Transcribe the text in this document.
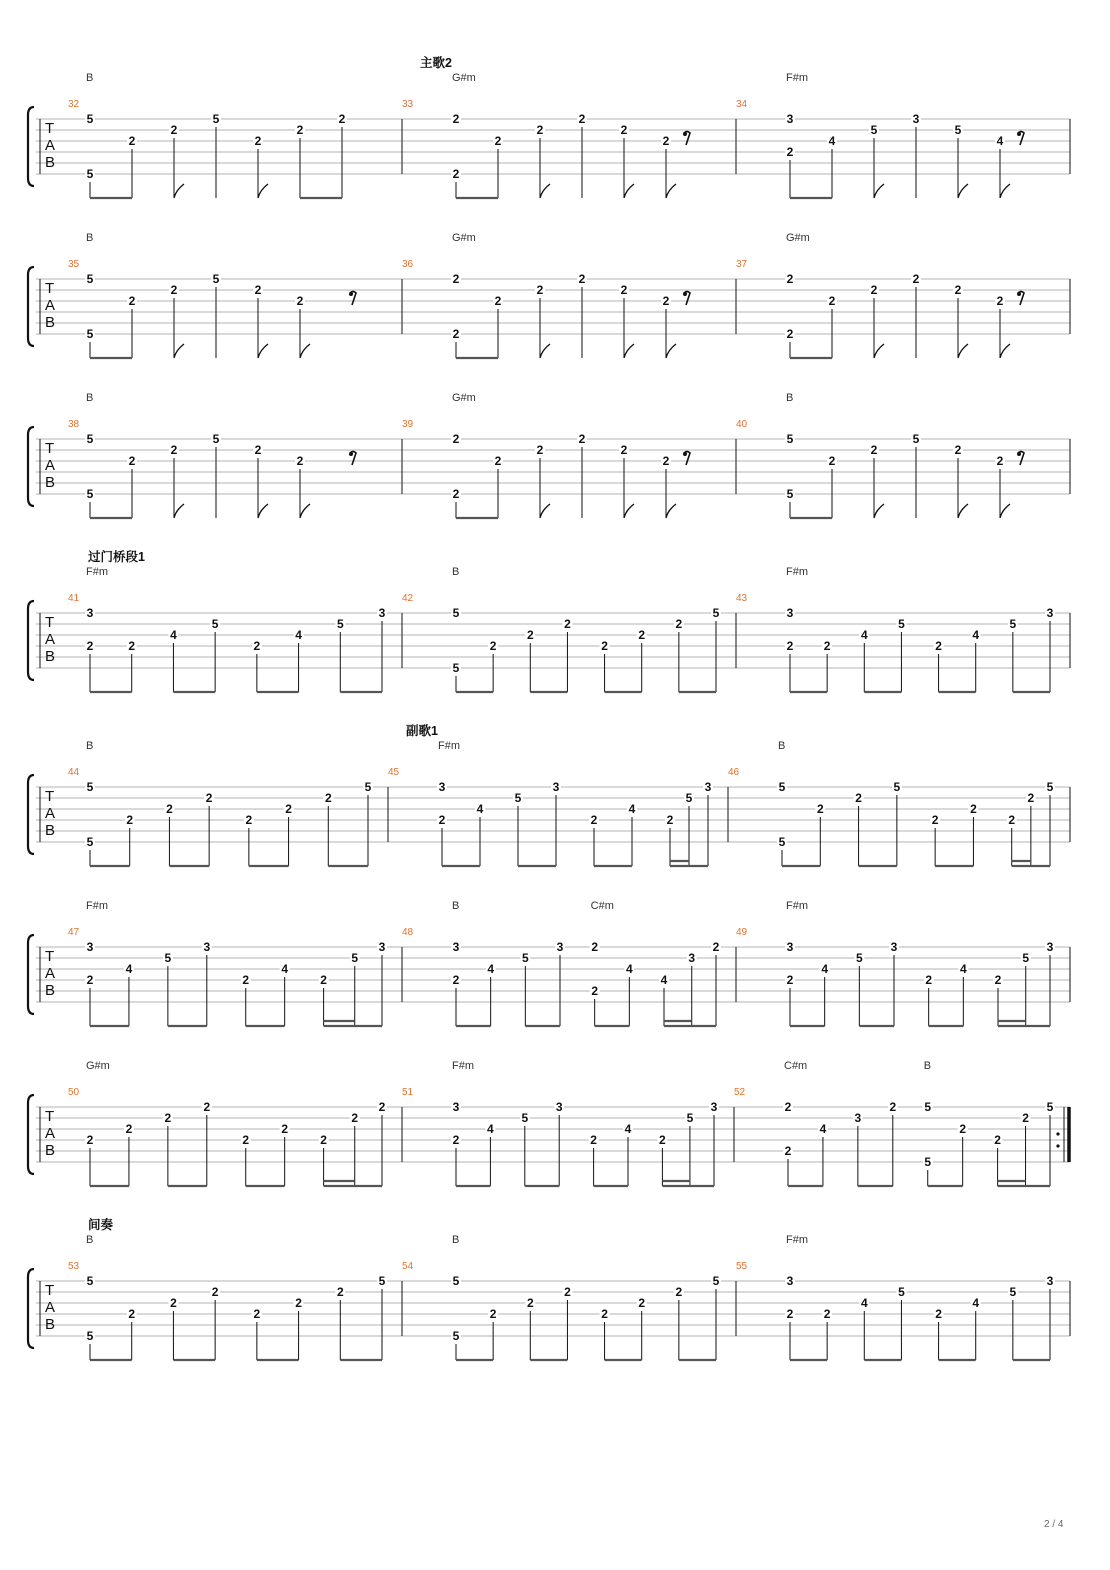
T
A
B
主歌2
32
B
5
5
2
2
5
2
2
2
33
G#m
2
2
2
2
2
2
2
34
F#m
3
2
4
5
3
5
4
T
A
B
35
B
5
5
2
2
5
2
2
36
G#m
2
2
2
2
2
2
2
37
G#m
2
2
2
2
2
2
2
T
A
B
38
B
5
5
2
2
5
2
2
39
G#m
2
2
2
2
2
2
2
40
B
5
5
2
2
5
2
2
T
A
B
过门桥段1
41
F#m
3
2	2
4
5
2
4
5
3
42
B
5
5
2
2
2
2
2
2
5
43
F#m
3
2	2
4
5
2
4
5
3
T
A
B
副歌1
44
B
5
5
2
2
2
2
2
2
5
45
F#m
3
2
4
5
3
2
4
2
5
3
46
B
5
5
2
2
5
2
2
2
2
5
T
A
B
47
F#m
3
2
4
5
3
2
4
2
5
3
48
B	C#m
3
2
4
5
3 2
2
4
4
3
2
49
F#m
3
2
4
5
3
2
4
2
5
3
T
A
B
50
G#m
2
2
2
2
2
2
2
2
2
51
F#m
3
2
4
5
3
2
4
2
5
3
52
C#m	B
2
2
4
3
2 5
5
2
2
2
5
T
A
B
间奏
53
B
5
5
2
2
2
2
2
2
5
54
B
5
5
2
2
2
2
2
2
5
55
F#m
3
2	2
4
5
2
4
5
3
2 / 4
